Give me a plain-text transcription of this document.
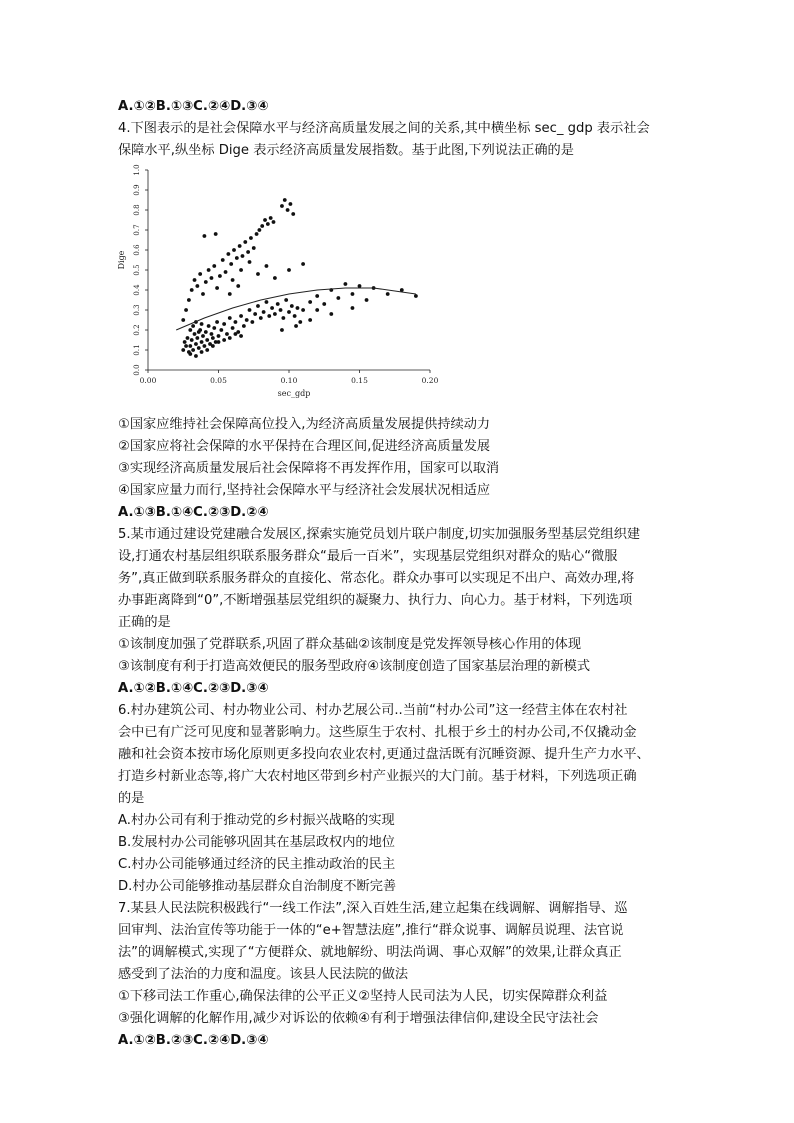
A.①②B.①③C.②④D.③④
4.下图表示的是社会保障水平与经济高质量发展之间的关系,其中横坐标 sec_ gdp 表示社会
保障水平,纵坐标 Dige 表示经济高质量发展指数。基于此图,下列说法正确的是
①国家应维持社会保障高位投入,为经济高质量发展提供持续动力
②国家应将社会保障的水平保持在合理区间,促进经济高质量发展
③实现经济高质量发展后社会保障将不再发挥作用，国家可以取消
④国家应量力而行,坚持社会保障水平与经济社会发展状况相适应
A.①③B.①④C.②③D.②④
5.某市通过建设党建融合发展区,探索实施党员划片联户制度,切实加强服务型基层党组织建
设,打通农村基层组织联系服务群众“最后一百米”，实现基层党组织对群众的贴心“微服
务”,真正做到联系服务群众的直接化、常态化。群众办事可以实现足不出户、高效办理,将
办事距离降到“0”,不断增强基层党组织的凝聚力、执行力、向心力。基于材料，下列选项
正确的是
①该制度加强了党群联系,巩固了群众基础②该制度是党发挥领导核心作用的体现
③该制度有利于打造高效便民的服务型政府④该制度创造了国家基层治理的新模式
A.①②B.①④C.②③D.③④
6.村办建筑公司、村办物业公司、村办艺展公司..当前“村办公司”这一经营主体在农村社
会中已有广泛可见度和显著影响力。这些原生于农村、扎根于乡土的村办公司,不仅撬动金
融和社会资本按市场化原则更多投向农业农村,更通过盘活既有沉睡资源、提升生产力水平、
打造乡村新业态等,将广大农村地区带到乡村产业振兴的大门前。基于材料，下列选项正确
的是
A.村办公司有利于推动党的乡村振兴战略的实现
B.发展村办公司能够巩固其在基层政权内的地位
C.村办公司能够通过经济的民主推动政治的民主
D.村办公司能够推动基层群众自治制度不断完善
7.某县人民法院积极践行“一线工作法”,深入百姓生活,建立起集在线调解、调解指导、巡
回审判、法治宣传等功能于一体的“e+智慧法庭”,推行“群众说事、调解员说理、法官说
法”的调解模式,实现了“方便群众、就地解纷、明法尚调、事心双解”的效果,让群众真正
感受到了法治的力度和温度。该县人民法院的做法
①下移司法工作重心,确保法律的公平正义②坚持人民司法为人民，切实保障群众利益
③强化调解的化解作用,减少对诉讼的依赖④有利于增强法律信仰,建设全民守法社会
A.①②B.②③C.②④D.③④
0.0
0.1
0.2
0.3
0.4
0.5
0.6
0.7
0.8
0.9
1.0
0.00	0.05	0.10	0.15	0.20
Dige
sec_gdp
